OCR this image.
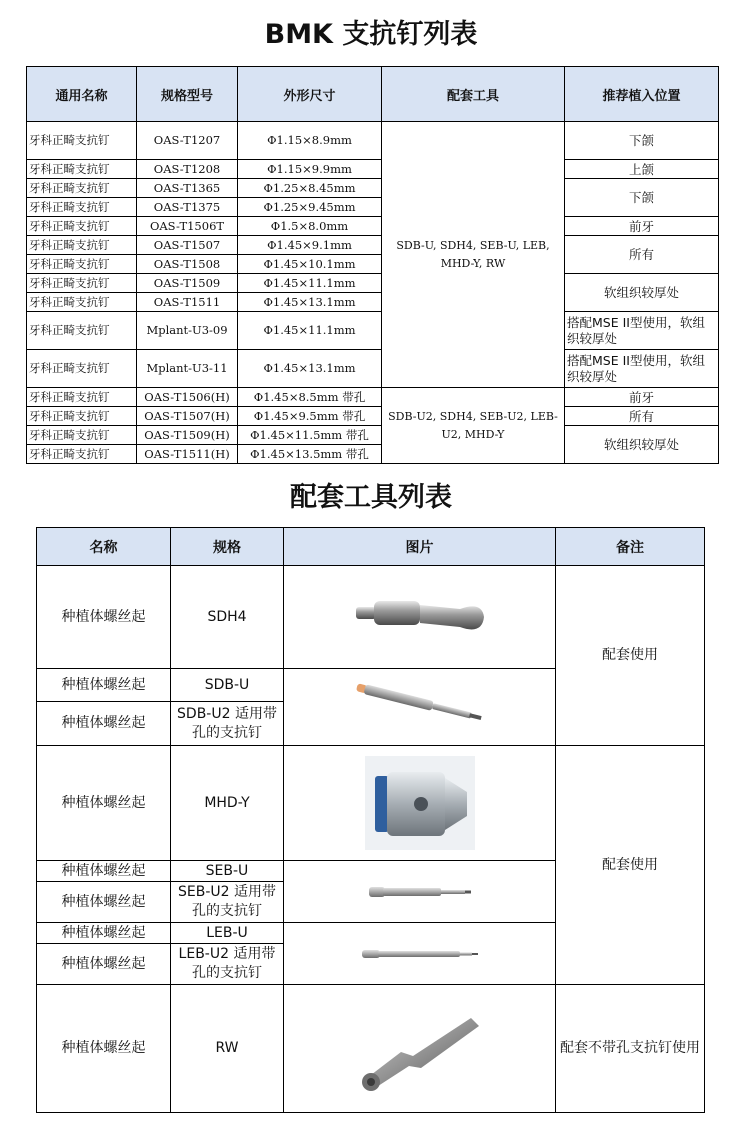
BMK 支抗钉列表
通用名称	规格型号	外形尺寸	配套工具	推荐植入位置
牙科正畸支抗钉	OAS-T1207	Φ1.15×8.9mm	SDB-U, SDH4, SEB-U, LEB, MHD-Y, RW	下颌
牙科正畸支抗钉	OAS-T1208	Φ1.15×9.9mm		上颌
牙科正畸支抗钉	OAS-T1365	Φ1.25×8.45mm		下颌
牙科正畸支抗钉	OAS-T1375	Φ1.25×9.45mm		
牙科正畸支抗钉	OAS-T1506T	Φ1.5×8.0mm		前牙
牙科正畸支抗钉	OAS-T1507	Φ1.45×9.1mm		所有
牙科正畸支抗钉	OAS-T1508	Φ1.45×10.1mm		
牙科正畸支抗钉	OAS-T1509	Φ1.45×11.1mm		软组织较厚处
牙科正畸支抗钉	OAS-T1511	Φ1.45×13.1mm		
牙科正畸支抗钉	Mplant-U3-09	Φ1.45×11.1mm		搭配MSE II型使用，软组织较厚处
牙科正畸支抗钉	Mplant-U3-11	Φ1.45×13.1mm		搭配MSE II型使用，软组织较厚处
牙科正畸支抗钉	OAS-T1506(H)	Φ1.45×8.5mm 带孔	SDB-U2, SDH4, SEB-U2, LEB-U2, MHD-Y	前牙
牙科正畸支抗钉	OAS-T1507(H)	Φ1.45×9.5mm 带孔		所有
牙科正畸支抗钉	OAS-T1509(H)	Φ1.45×11.5mm 带孔		软组织较厚处
牙科正畸支抗钉	OAS-T1511(H)	Φ1.45×13.5mm 带孔		
配套工具列表
名称	规格	图片	备注
种植体螺丝起	SDH4		配套使用
种植体螺丝起	SDB-U	

种植体螺丝起	SDB-U2 适用带孔的支抗钉		
种植体螺丝起	MHD-Y		配套使用
种植体螺丝起	SEB-U	

种植体螺丝起	SEB-U2 适用带孔的支抗钉		
种植体螺丝起	LEB-U	

种植体螺丝起	LEB-U2 适用带孔的支抗钉		
种植体螺丝起	RW		配套不带孔支抗钉使用
